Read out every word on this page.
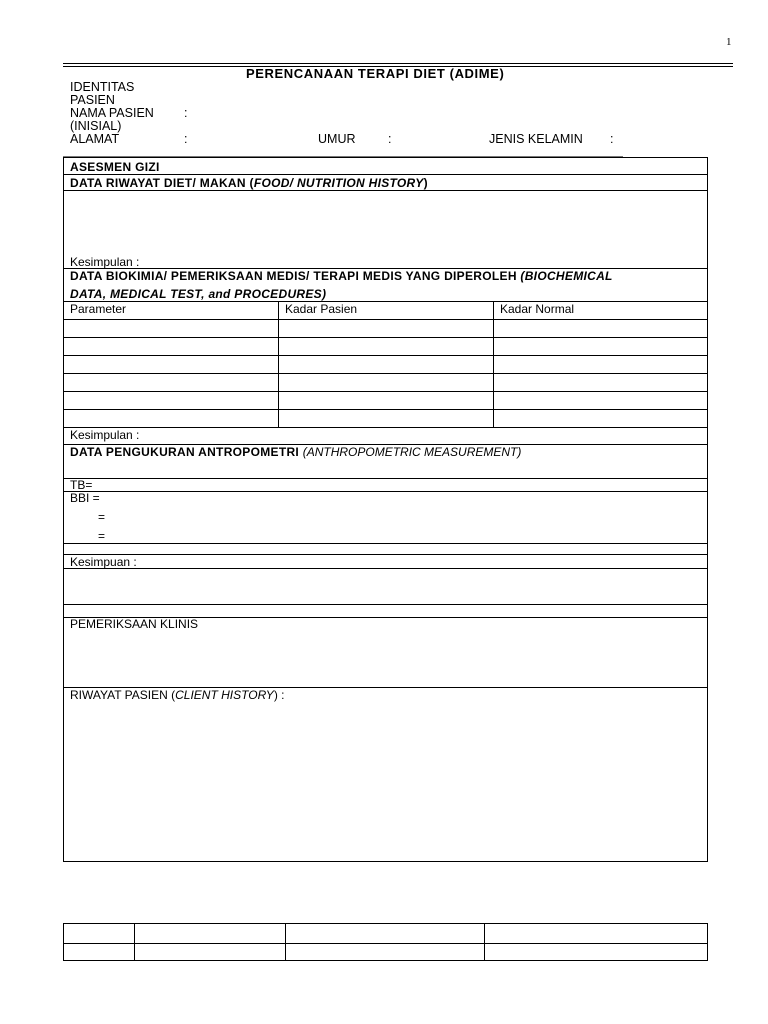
1
PERENCANAAN TERAPI DIET (ADIME)
IDENTITAS
PASIEN
NAMA PASIEN :
(INISIAL)
ALAMAT	:	UMUR	:	JENIS KELAMIN :
ASESMEN GIZI
DATA RIWAYAT DIET/ MAKAN (FOOD/ NUTRITION HISTORY)
Kesimpulan :
DATA BIOKIMIA/ PEMERIKSAAN MEDIS/ TERAPI MEDIS YANG DIPEROLEH (BIOCHEMICAL
DATA, MEDICAL TEST, and PROCEDURES)
Parameter	Kadar Pasien	Kadar Normal
Kesimpulan :
DATA PENGUKURAN ANTROPOMETRI (ANTHROPOMETRIC MEASUREMENT)
TB=
BBI =
=
=
Kesimpuan :
PEMERIKSAAN KLINIS
RIWAYAT PASIEN (CLIENT HISTORY) :
